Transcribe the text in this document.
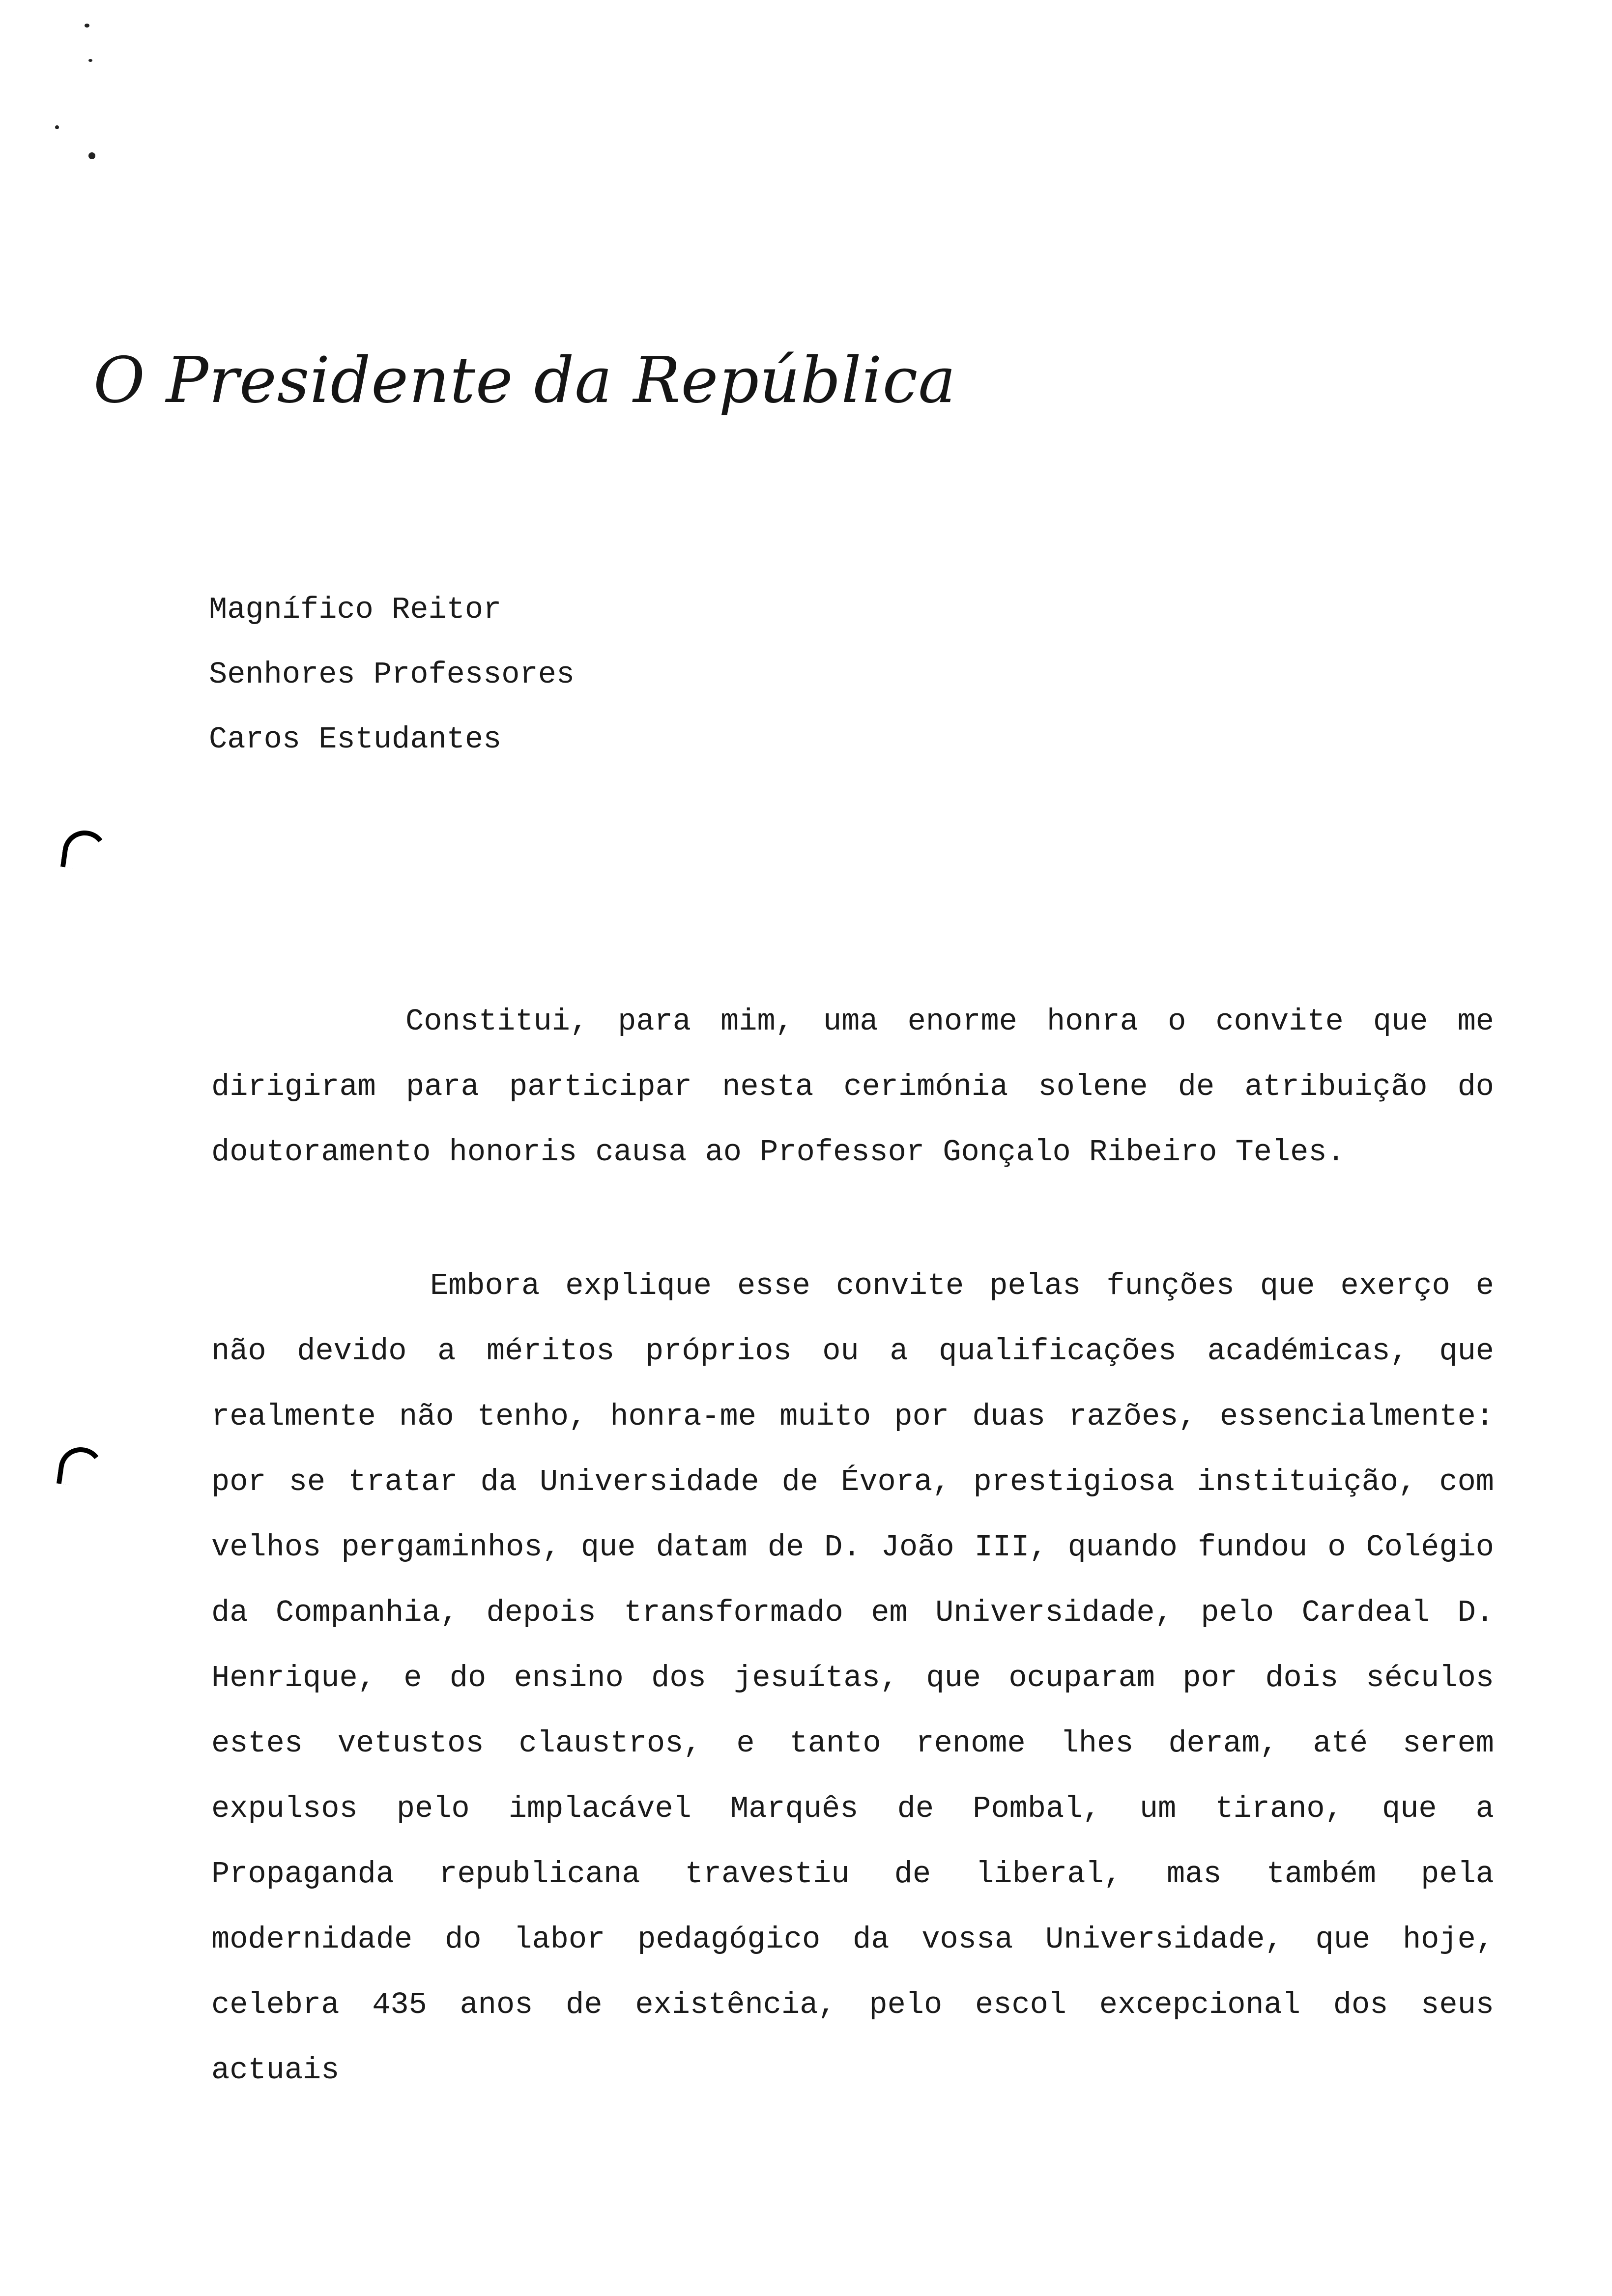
O Presidente da República
Magnífico Reitor
Senhores Professores
Caros Estudantes

Constitui, para mim, uma enorme honra o convite que me dirigiram para participar nesta cerimónia solene de atribuição do doutoramento honoris causa ao Professor Gonçalo Ribeiro Teles.

Embora explique esse convite pelas funções que exerço e não devido a méritos próprios ou a qualificações académicas, que realmente não tenho, honra-me muito por duas razões, essencialmente: por se tratar da Universidade de Évora, prestigiosa instituição, com velhos pergaminhos, que datam de D. João III, quando fundou o Colégio da Companhia, depois transformado em Universidade, pelo Cardeal D. Henrique, e do ensino dos jesuítas, que ocuparam por dois séculos estes vetustos claustros, e tanto renome lhes deram, até serem expulsos pelo implacável Marquês de Pombal, um tirano, que a Propaganda republicana travestiu de liberal, mas também pela modernidade do labor pedagógico da vossa Universidade, que hoje, celebra 435 anos de existência, pelo escol excepcional dos seus actuais
